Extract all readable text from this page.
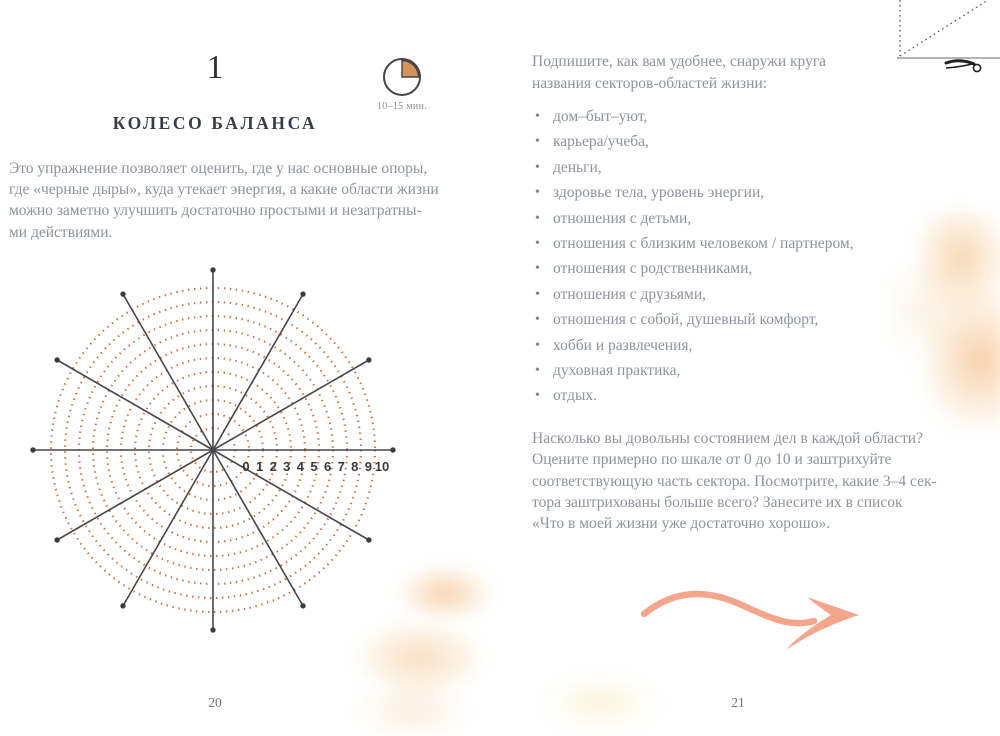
1
10–15 мин.
КОЛЕСО БАЛАНСА
Это упражнение позволяет оценить, где у нас основные опоры,
где «черные дыры», куда утекает энергия, а какие области жизни
можно заметно улучшить достаточно простыми и незатратны-
ми действиями.
0 1 2 3 4 5 6 7 8 9 10
20
Подпишите, как вам удобнее, снаружи круга
названия секторов-областей жизни:
• дом–быт–уют,
• карьера/учеба,
• деньги,
• здоровье тела, уровень энергии,
• отношения с детьми,
• отношения с близким человеком / партнером,
• отношения с родственниками,
• отношения с друзьями,
• отношения с собой, душевный комфорт,
• хобби и развлечения,
• духовная практика,
• отдых.
Насколько вы довольны состоянием дел в каждой области?
Оцените примерно по шкале от 0 до 10 и заштрихуйте
соответствующую часть сектора. Посмотрите, какие 3–4 сек-
тора заштрихованы больше всего? Занесите их в список
«Что в моей жизни уже достаточно хорошо».
21
